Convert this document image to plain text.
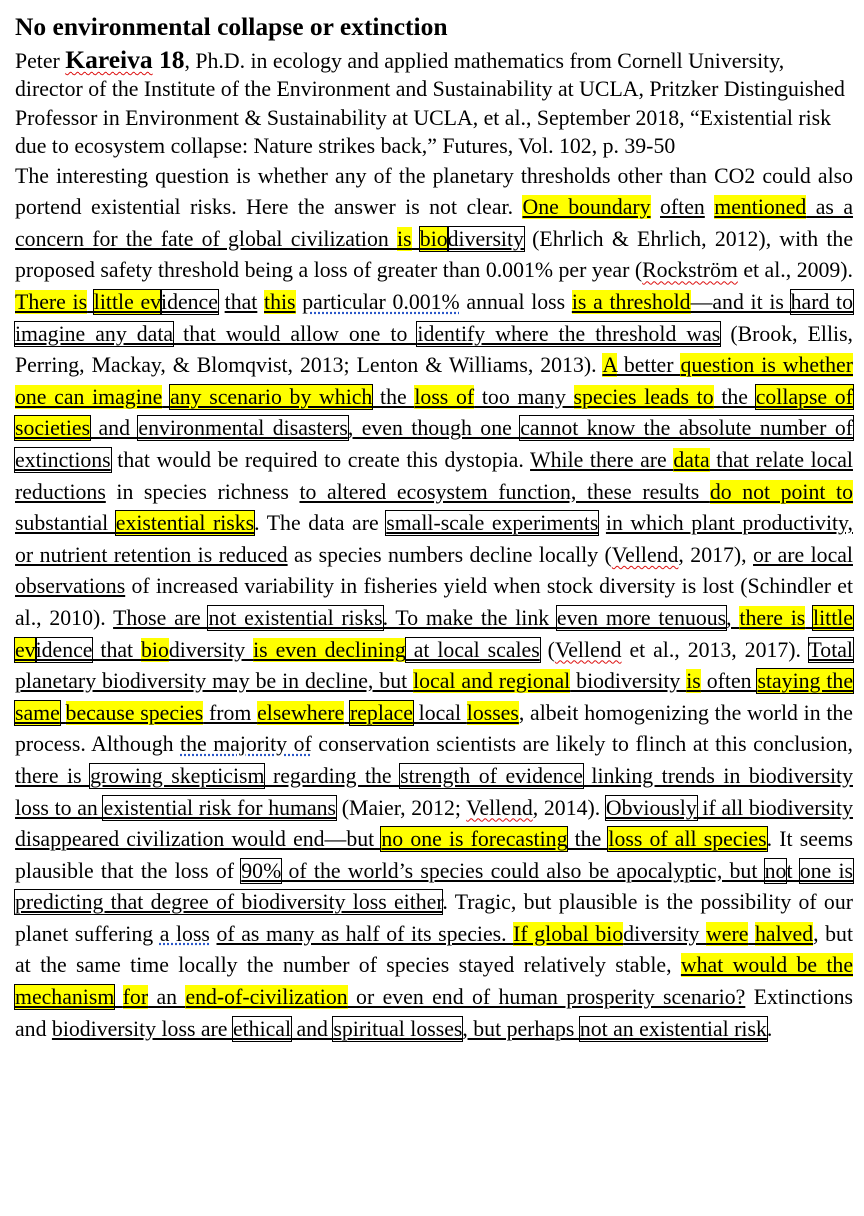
No environmental collapse or extinction

Peter Kareiva 18, Ph.D. in ecology and applied mathematics from Cornell University, director of the Institute of the Environment and Sustainability at UCLA, Pritzker Distinguished Professor in Environment & Sustainability at UCLA, et al., September 2018, “Existential risk due to ecosystem collapse: Nature strikes back,” Futures, Vol. 102, p. 39-50

The interesting question is whether any of the planetary thresholds other than CO2 could also portend existential risks. Here the answer is not clear. One boundary often mentioned as a concern for the fate of global civilization is biodiversity (Ehrlich & Ehrlich, 2012), with the proposed safety threshold being a loss of greater than 0.001% per year (Rockström et al., 2009). There is little evidence that this particular 0.001% annual loss is a threshold—and it is hard to imagine any data that would allow one to identify where the threshold was (Brook, Ellis, Perring, Mackay, & Blomqvist, 2013; Lenton & Williams, 2013). A better question is whether one can imagine any scenario by which the loss of too many species leads to the collapse of societies and environmental disasters, even though one cannot know the absolute number of extinctions that would be required to create this dystopia. While there are data that relate local reductions in species richness to altered ecosystem function, these results do not point to substantial existential risks. The data are small-scale experiments in which plant productivity, or nutrient retention is reduced as species numbers decline locally (Vellend, 2017), or are local observations of increased variability in fisheries yield when stock diversity is lost (Schindler et al., 2010). Those are not existential risks. To make the link even more tenuous, there is little evidence that biodiversity is even declining at local scales (Vellend et al., 2013, 2017). Total planetary biodiversity may be in decline, but local and regional biodiversity is often staying the same because species from elsewhere replace local losses, albeit homogenizing the world in the process. Although the majority of conservation scientists are likely to flinch at this conclusion, there is growing skepticism regarding the strength of evidence linking trends in biodiversity loss to an existential risk for humans (Maier, 2012; Vellend, 2014). Obviously if all biodiversity disappeared civilization would end—but no one is forecasting the loss of all species. It seems plausible that the loss of 90% of the world’s species could also be apocalyptic, but not one is predicting that degree of biodiversity loss either. Tragic, but plausible is the possibility of our planet suffering a loss of as many as half of its species. If global biodiversity were halved, but at the same time locally the number of species stayed relatively stable, what would be the mechanism for an end-of-civilization or even end of human prosperity scenario? Extinctions and biodiversity loss are ethical and spiritual losses, but perhaps not an existential risk.
